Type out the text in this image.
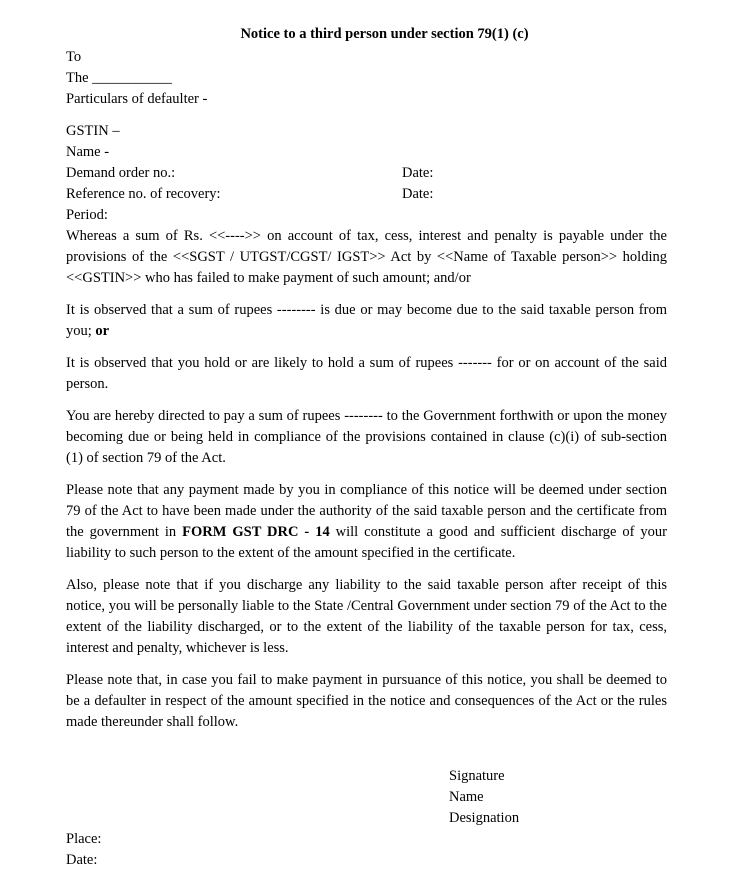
Notice to a third person under section 79(1) (c)
To
The ___________
Particulars of defaulter -
GSTIN –
Name -
Demand order no.:	Date:
Reference no. of recovery:	Date:
Period:
Whereas a sum of Rs. <<---->> on account of tax, cess, interest and penalty is payable under the provisions of the <<SGST / UTGST/CGST/ IGST>> Act by <<Name of Taxable person>> holding <<GSTIN>> who has failed to make payment of such amount; and/or
It is observed that a sum of rupees -------- is due or may become due to the said taxable person from you; or
It is observed that you hold or are likely to hold a sum of rupees ------- for or on account of the said person.
You are hereby directed to pay a sum of rupees -------- to the Government forthwith or upon the money becoming due or being held in compliance of the provisions contained in clause (c)(i) of sub-section (1) of section 79 of the Act.
Please note that any payment made by you in compliance of this notice will be deemed under section 79 of the Act to have been made under the authority of the said taxable person and the certificate from the government in FORM GST DRC - 14 will constitute a good and sufficient discharge of your liability to such person to the extent of the amount specified in the certificate.
Also, please note that if you discharge any liability to the said taxable person after receipt of this notice, you will be personally liable to the State /Central Government under section 79 of the Act to the extent of the liability discharged, or to the extent of the liability of the taxable person for tax, cess, interest and penalty, whichever is less.
Please note that, in case you fail to make payment in pursuance of this notice, you shall be deemed to be a defaulter in respect of the amount specified in the notice and consequences of the Act or the rules made thereunder shall follow.
Signature
Name
Designation
Place:
Date:
